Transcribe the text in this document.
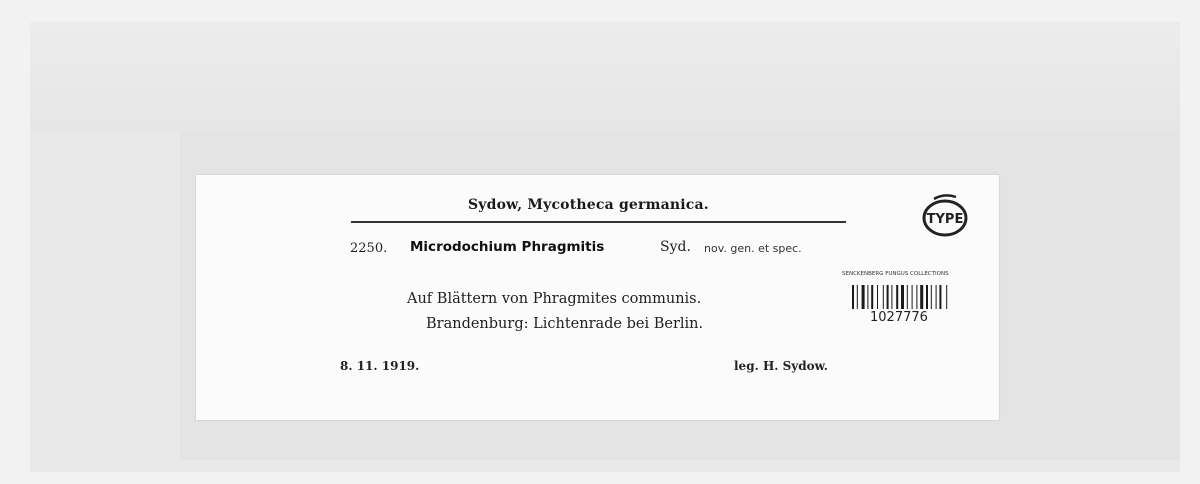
Sydow, Mycotheca germanica.
2250. Microdochium Phragmitis	Syd. nov. gen. et spec.
Auf Blättern von Phragmites communis.
Brandenburg: Lichtenrade bei Berlin.
8. 11. 1919.	leg. H. Sydow.
TYPE
SENCKENBERG FUNGUS COLLECTIONS
1027776
